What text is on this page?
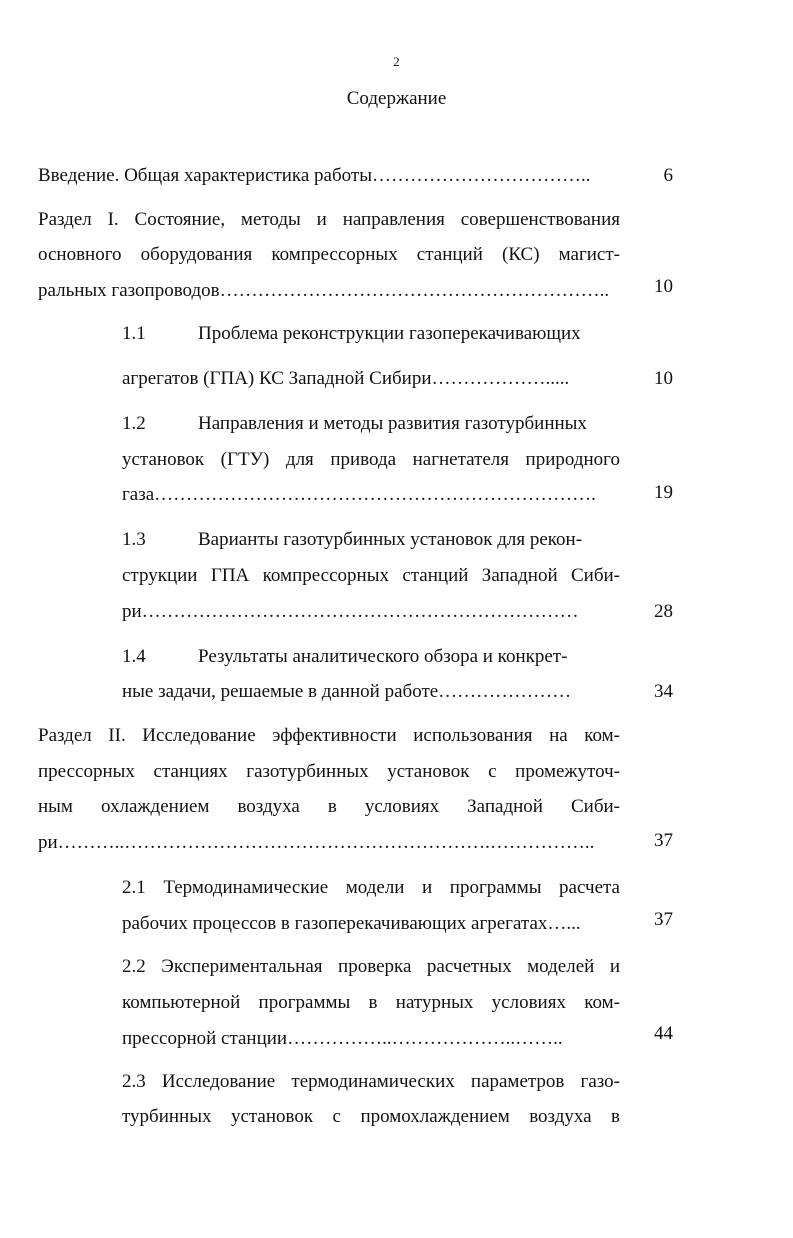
2
Содержание
Введение. Общая характеристика работы……………………………..	6
Раздел I. Состояние, методы и направления совершенствования
основного оборудования компрессорных станций (КС) магист-
ральных газопроводов……………………………………………………..	10
1.1	Проблема реконструкции газоперекачивающих
агрегатов (ГПА) КС Западной Сибири……………….....	10
1.2	Направления и методы развития газотурбинных
установок (ГТУ) для привода нагнетателя природного
газа…………………………………………………………….	19
1.3	Варианты газотурбинных установок для рекон-
струкции ГПА компрессорных станций Западной Сиби-
ри……………………………………………………………	28
1.4	Результаты аналитического обзора и конкрет-
ные задачи, решаемые в данной работе…………………	34
Раздел II. Исследование эффективности использования на ком-
прессорных станциях газотурбинных установок с промежуточ-
ным охлаждением воздуха в условиях Западной Сиби-
ри………..………………………………………………….……………..	37
2.1 Термодинамические модели и программы расчета
рабочих процессов в газоперекачивающих агрегатах…...	37
2.2 Экспериментальная проверка расчетных моделей и
компьютерной программы в натурных условиях ком-
прессорной станции……………..………………..……..	44
2.3 Исследование термодинамических параметров газо-
турбинных установок с промохлаждением воздуха в
